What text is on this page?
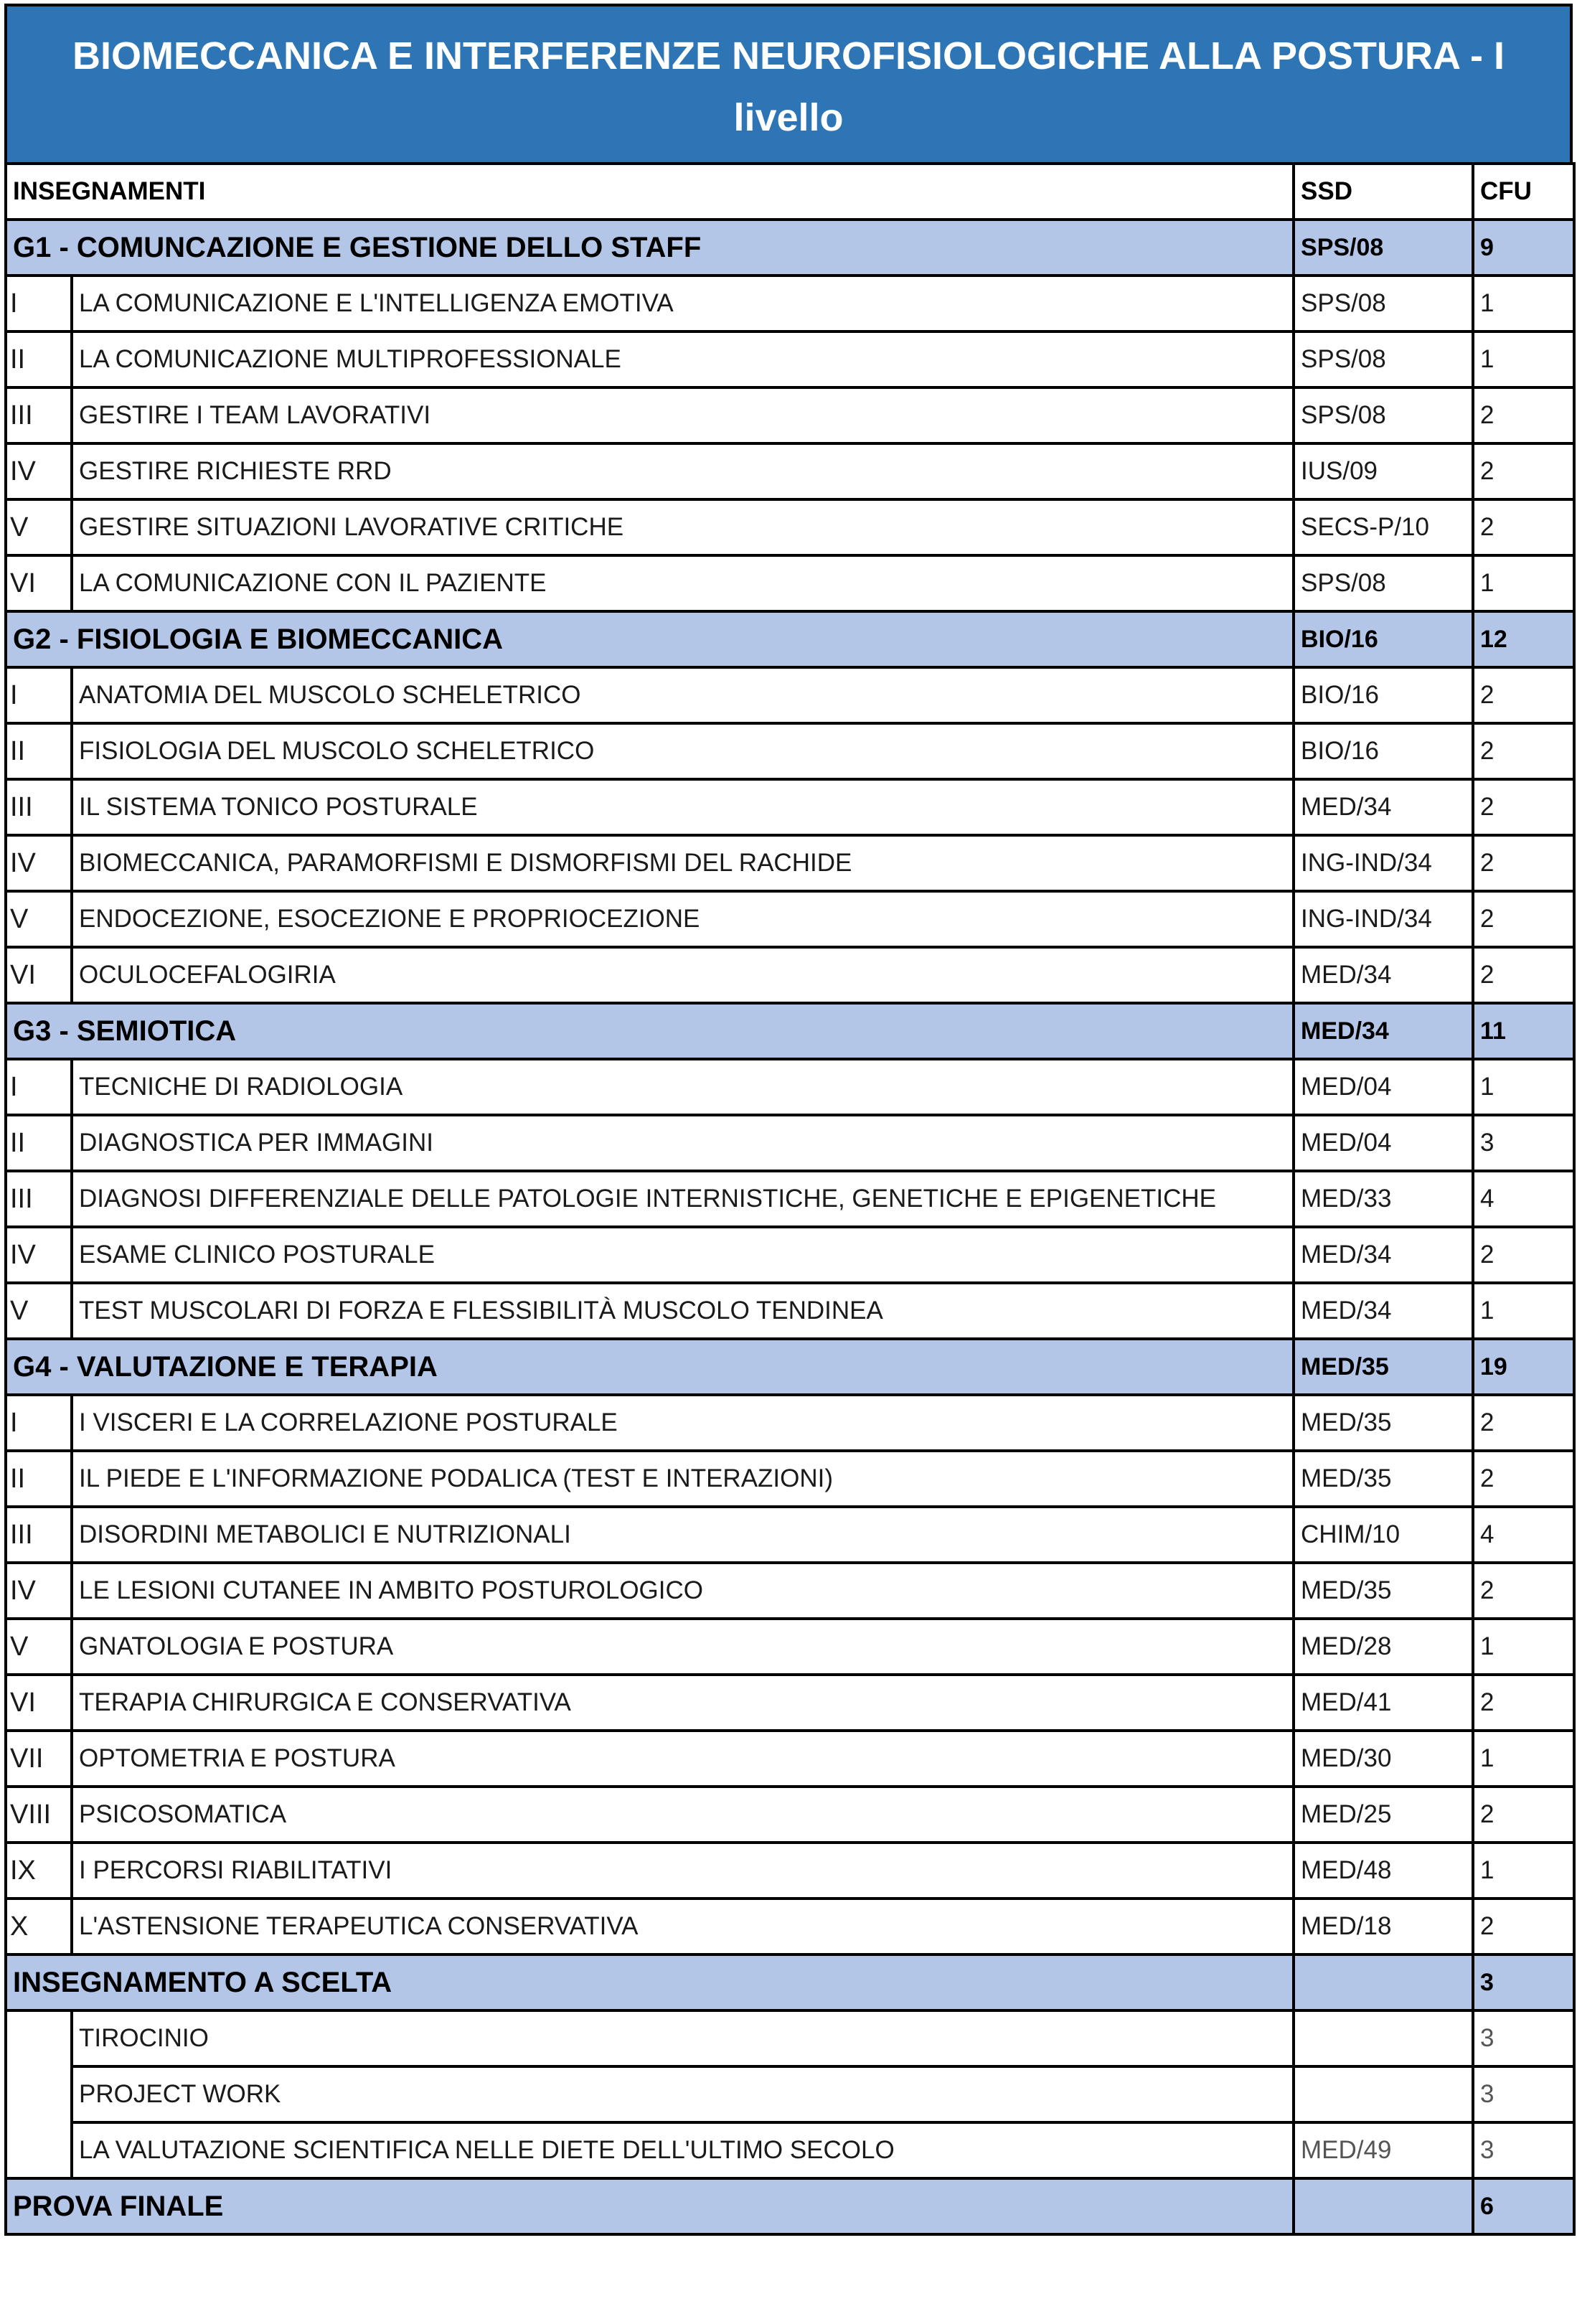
BIOMECCANICA E INTERFERENZE NEUROFISIOLOGICHE ALLA POSTURA - I
livello
INSEGNAMENTI		SSD	CFU
G1 - COMUNCAZIONE E GESTIONE DELLO STAFF		SPS/08	9
I	LA COMUNICAZIONE E L'INTELLIGENZA EMOTIVA	SPS/08	1
II	LA COMUNICAZIONE MULTIPROFESSIONALE	SPS/08	1
III	GESTIRE I TEAM LAVORATIVI	SPS/08	2
IV	GESTIRE RICHIESTE RRD	IUS/09	2
V	GESTIRE SITUAZIONI LAVORATIVE CRITICHE	SECS-P/10	2
VI	LA COMUNICAZIONE CON IL PAZIENTE	SPS/08	1
G2 - FISIOLOGIA E BIOMECCANICA		BIO/16	12
I	ANATOMIA DEL MUSCOLO SCHELETRICO	BIO/16	2
II	FISIOLOGIA DEL MUSCOLO SCHELETRICO	BIO/16	2
III	IL SISTEMA TONICO POSTURALE	MED/34	2
IV	BIOMECCANICA, PARAMORFISMI E DISMORFISMI DEL RACHIDE	ING-IND/34	2
V	ENDOCEZIONE, ESOCEZIONE E PROPRIOCEZIONE	ING-IND/34	2
VI	OCULOCEFALOGIRIA	MED/34	2
G3 - SEMIOTICA		MED/34	11
I	TECNICHE DI RADIOLOGIA	MED/04	1
II	DIAGNOSTICA PER IMMAGINI	MED/04	3
III	DIAGNOSI DIFFERENZIALE DELLE PATOLOGIE INTERNISTICHE, GENETICHE E EPIGENETICHE	MED/33	4
IV	ESAME CLINICO POSTURALE	MED/34	2
V	TEST MUSCOLARI DI FORZA E FLESSIBILITÀ MUSCOLO TENDINEA	MED/34	1
G4 - VALUTAZIONE E TERAPIA		MED/35	19
I	I VISCERI E LA CORRELAZIONE POSTURALE	MED/35	2
II	IL PIEDE E L'INFORMAZIONE PODALICA (TEST E INTERAZIONI)	MED/35	2
III	DISORDINI METABOLICI E NUTRIZIONALI	CHIM/10	4
IV	LE LESIONI CUTANEE IN AMBITO POSTUROLOGICO	MED/35	2
V	GNATOLOGIA E POSTURA	MED/28	1
VI	TERAPIA CHIRURGICA E CONSERVATIVA	MED/41	2
VII	OPTOMETRIA E POSTURA	MED/30	1
VIII	PSICOSOMATICA	MED/25	2
IX	I PERCORSI RIABILITATIVI	MED/48	1
X	L'ASTENSIONE TERAPEUTICA CONSERVATIVA	MED/18	2
INSEGNAMENTO A SCELTA			3
	TIROCINIO		3
	PROJECT WORK		3
	LA VALUTAZIONE SCIENTIFICA NELLE DIETE DELL'ULTIMO SECOLO	MED/49	3
PROVA FINALE			6
